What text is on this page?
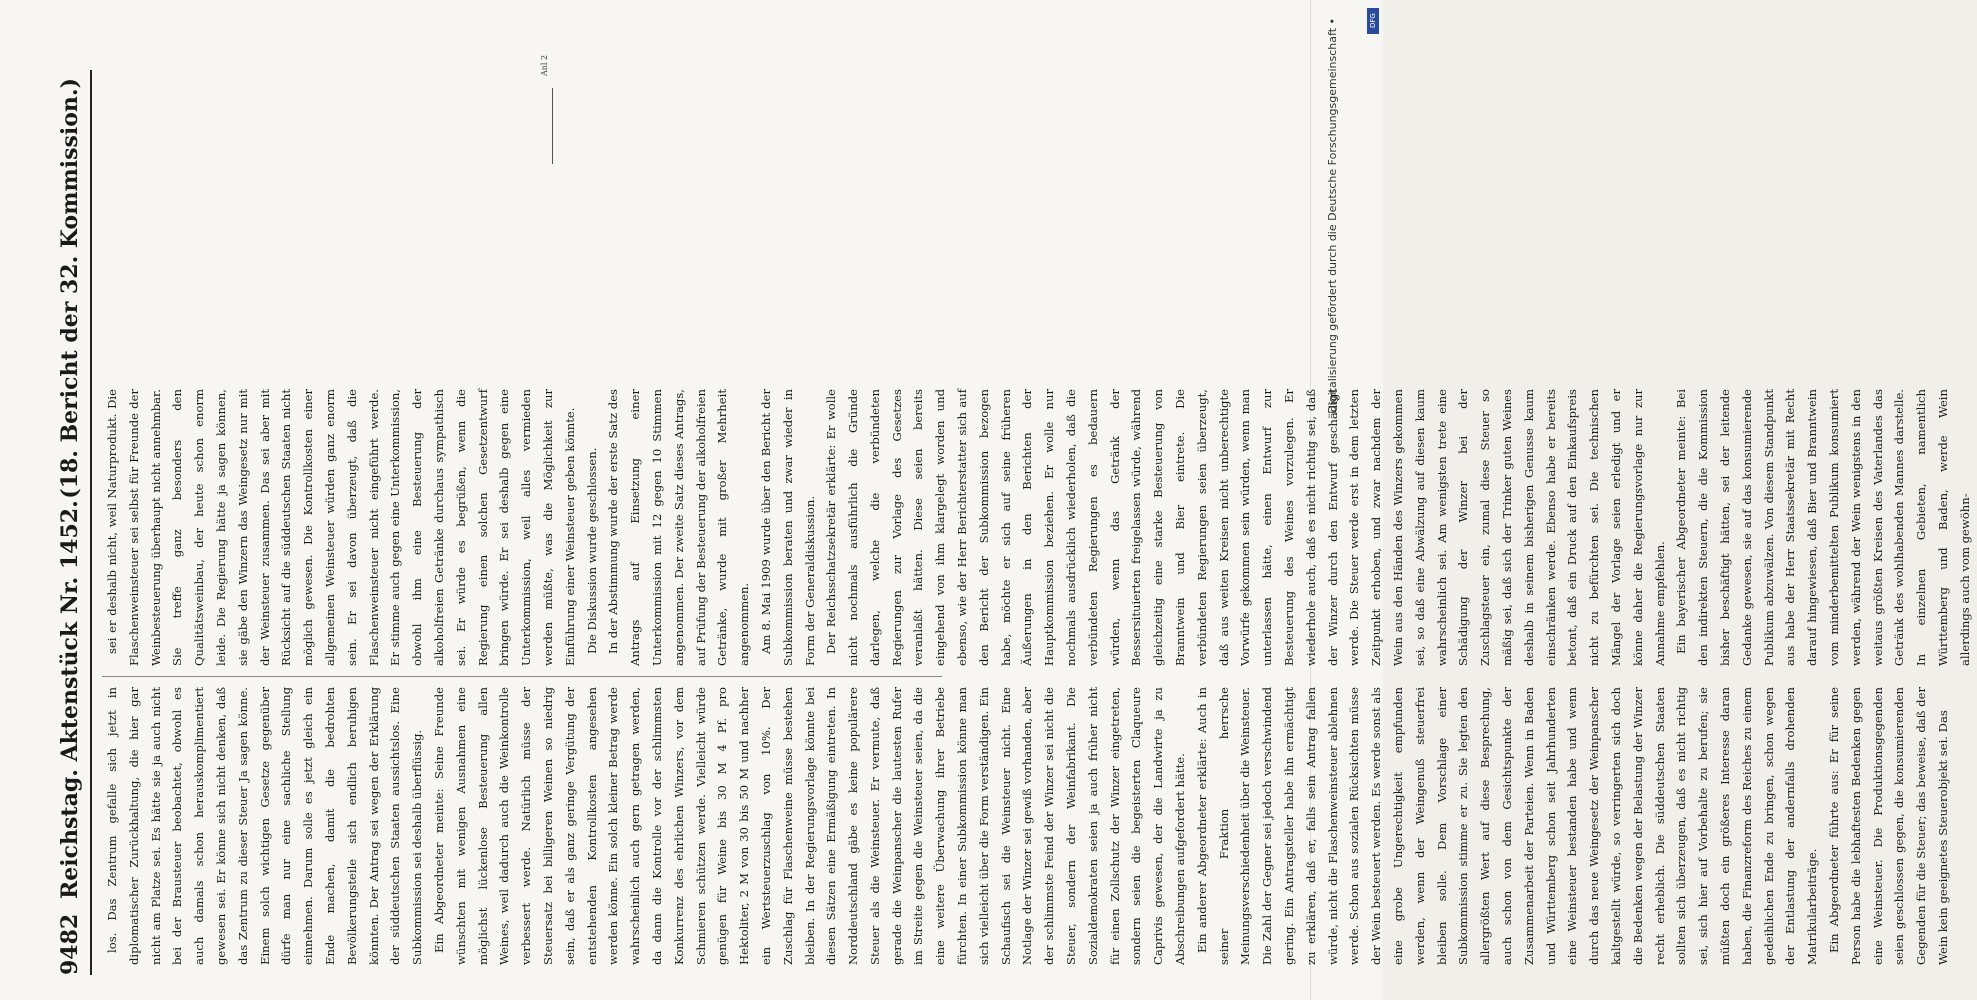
9482
Reichstag. Aktenstück Nr. 1452.
(18. Bericht der 32. Kommission.)

los. Das Zentrum gefalle sich jetzt in diplomatischer Zurückhaltung, die hier gar nicht am Platze sei. Es hätte sie ja auch nicht bei der Brausteuer beobachtet, obwohl es auch damals schon herauskomplimentiert gewesen sei. Er könne sich nicht denken, daß das Zentrum zu dieser Steuer Ja sagen könne. Einem solch wichtigen Gesetze gegenüber dürfe man nur eine sachliche Stellung einnehmen. Darum solle es jetzt gleich ein Ende machen, damit die bedrohten Bevölkerungsteile sich endlich beruhigen könnten. Der Antrag sei wegen der Erklärung der süddeutschen Staaten aussichtslos. Eine Subkommission sei deshalb überflüssig. Ein Abgeordneter meinte: Seine Freunde wünschten mit wenigen Ausnahmen eine möglichst lückenlose Besteuerung allen Weines, weil dadurch auch die Weinkontrolle verbessert werde. Natürlich müsse der Steuersatz bei billigeren Weinen so niedrig sein, daß er als ganz geringe Vergütung der entstehenden Kontrollkosten angesehen werden könne. Ein solch kleiner Betrag werde wahrscheinlich auch gern getragen werden, da dann die Kontrolle vor der schlimmsten Konkurrenz des ehrlichen Winzers, vor dem Schmieren schützen werde. Vielleicht würde genügen für Weine bis 30 M 4 Pf. pro Hektoliter, 2 M von 30 bis 50 M und nachher ein Wertsteuerzuschlag von 10%. Der Zuschlag für Flaschenweine müsse bestehen bleiben. In der Regierungsvorlage könnte bei diesen Sätzen eine Ermäßigung eintreten. In Norddeutschland gäbe es keine populärere Steuer als die Weinsteuer. Er vermute, daß gerade die Weinpanscher die lautesten Rufer im Streite gegen die Weinsteuer seien, da die eine weitere Überwachung ihrer Betriebe fürchten. In einer Subkommission könne man sich vielleicht über die Form verständigen. Ein Schaufisch sei die Weinsteuer nicht. Eine Notlage der Winzer sei gewiß vorhanden, aber der schlimmste Feind der Winzer sei nicht die Steuer, sondern der Weinfabrikant. Die Sozialdemokraten seien ja auch früher nicht für einen Zollschutz der Winzer eingetreten, sondern seien die begeisterten Claqueure Caprivis gewesen, der die Landwirte ja zu Abschreibungen aufgefordert hätte. Ein anderer Abgeordneter erklärte: Auch in seiner Fraktion herrsche Meinungsverschiedenheit über die Weinsteuer. Die Zahl der Gegner sei jedoch verschwindend gering. Ein Antragsteller habe ihn ermächtigt zu erklären, daß er, falls sein Antrag fallen würde, nicht die Flaschenweinsteuer ablehnen werde. Schon aus sozialen Rücksichten müsse der Wein besteuert werden. Es werde sonst als eine grobe Ungerechtigkeit empfunden werden, wenn der Weingenuß steuerfrei bleiben solle. Dem Vorschlage einer Subkommission stimme er zu. Sie legten den allergrößten Wert auf diese Besprechung, auch schon von dem Gesichtspunkte der Zusammenarbeit der Parteien. Wenn in Baden und Württemberg schon seit Jahrhunderten eine Weinsteuer bestanden habe und wenn durch das neue Weingesetz der Weinpanscher kaltgestellt würde, so verringerten sich doch die Bedenken wegen der Belastung der Winzer recht erheblich. Die süddeutschen Staaten sollten sich überzeugen, daß es nicht richtig sei, sich hier auf Vorbehalte zu berufen; sie müßten doch ein größeres Interesse daran haben, die Finanzreform des Reiches zu einem gedeihlichen Ende zu bringen, schon wegen der Entlastung der andernfalls drohenden Matrikularbeiträge. Ein Abgeordneter führte aus: Er für seine Person habe die lebhaftesten Bedenken gegen eine Weinsteuer. Die Produktionsgegenden seien geschlossen gegen, die konsumierenden Gegenden für die Steuer; das beweise, daß der Wein kein geeignetes Steuerobjekt sei. Das

sei er deshalb nicht, weil Naturprodukt. Die Flaschenweinsteuer sei selbst für Freunde der Weinbesteuerung überhaupt nicht annehmbar. Sie treffe ganz besonders den Qualitätsweinbau, der heute schon enorm leide. Die Regierung hätte ja sagen können, sie gäbe den Winzern das Weingesetz nur mit der Weinsteuer zusammen. Das sei aber mit Rücksicht auf die süddeutschen Staaten nicht möglich gewesen. Die Kontrollkosten einer allgemeinen Weinsteuer würden ganz enorm sein. Er sei davon überzeugt, daß die Flaschenweinsteuer nicht eingeführt werde. Er stimme auch gegen eine Unterkommission, obwohl ihm eine Besteuerung der alkoholfreien Getränke durchaus sympathisch sei. Er würde es begrüßen, wenn die Regierung einen solchen Gesetzentwurf bringen würde. Er sei deshalb gegen eine Unterkommission, weil alles vermieden werden müßte, was die Möglichkeit zur Einführung einer Weinsteuer geben könnte. Die Diskussion wurde geschlossen. In der Abstimmung wurde der erste Satz des Antrags auf Einsetzung einer Unterkommission mit 12 gegen 10 Stimmen angenommen. Der zweite Satz dieses Antrags, auf Prüfung der Besteuerung der alkoholfreien Getränke, wurde mit großer Mehrheit angenommen. Am 8. Mai 1909 wurde über den Bericht der Subkommission beraten und zwar wieder in Form der Generaldiskussion. Der Reichsschatzsekretär erklärte: Er wolle nicht nochmals ausführlich die Gründe darlegen, welche die verbündeten Regierungen zur Vorlage des Gesetzes veranlaßt hätten. Diese seien bereits eingehend von ihm klargelegt worden und ebenso, wie der Herr Berichterstatter sich auf den Bericht der Subkommission bezogen habe, möchte er sich auf seine früheren Äußerungen in den Berichten der Hauptkommission beziehen. Er wolle nur nochmals ausdrücklich wiederholen, daß die verbündeten Regierungen es bedauern würden, wenn das Getränk der Bessersituierten freigelassen würde, während gleichzeitig eine starke Besteuerung von Branntwein und Bier eintrete. Die verbündeten Regierungen seien überzeugt, daß aus weiten Kreisen nicht unberechtigte Vorwürfe gekommen sein würden, wenn man unterlassen hätte, einen Entwurf zur Besteuerung des Weines vorzulegen. Er wiederhole auch, daß es nicht richtig sei, daß der Winzer durch den Entwurf geschädigt werde. Die Steuer werde erst in dem letzten Zeitpunkt erhoben, und zwar nachdem der Wein aus den Händen des Winzers gekommen sei, so daß eine Abwälzung auf diesen kaum wahrscheinlich sei. Am wenigsten trete eine Schädigung der Winzer bei der Zuschlagsteuer ein, zumal diese Steuer so mäßig sei, daß sich der Trinker guten Weines deshalb in seinem bisherigen Genusse kaum einschränken werde. Ebenso habe er bereits betont, daß ein Druck auf den Einkaufspreis nicht zu befürchten sei. Die technischen Mängel der Vorlage seien erledigt und er könne daher die Regierungsvorlage nur zur Annahme empfehlen. Ein bayerischer Abgeordneter meinte: Bei den indirekten Steuern, die die Kommission bisher beschäftigt hätten, sei der leitende Gedanke gewesen, sie auf das konsumierende Publikum abzuwälzen. Von diesem Standpunkt aus habe der Herr Staatssekretär mit Recht darauf hingewiesen, daß Bier und Branntwein vom minderbemittelten Publikum konsumiert werden, während der Wein wenigstens in den weitaus größten Kreisen des Vaterlandes das Getränk des wohlhabenden Mannes darstelle. In einzelnen Gebieten, namentlich Württemberg und Baden, werde Wein allerdings auch vom gewöhn-

Anl 2	Digitalisierung gefördert durch die Deutsche Forschungsgemeinschaft •	DFG
